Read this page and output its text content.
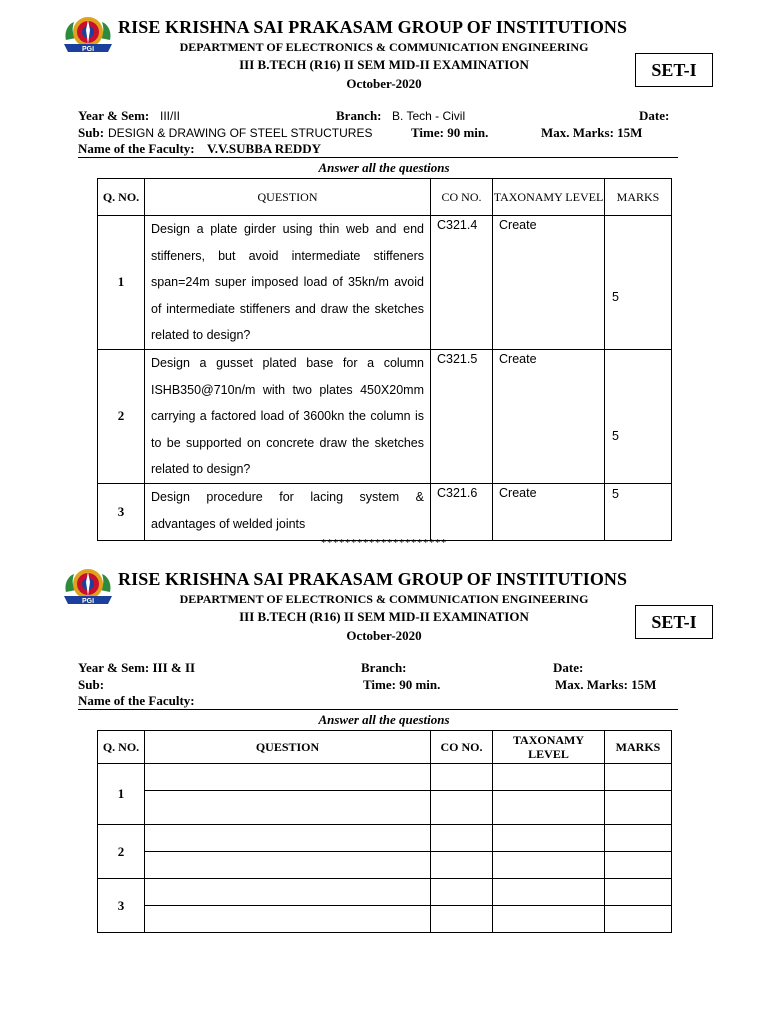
PGI
RISE KRISHNA SAI PRAKASAM GROUP OF INSTITUTIONS
DEPARTMENT OF ELECTRONICS & COMMUNICATION ENGINEERING
III B.TECH (R16) II SEM MID-II EXAMINATION
October-2020
SET-I
Year & Sem: III/II	Branch: B. Tech - Civil	Date:
Sub: DESIGN & DRAWING OF STEEL STRUCTURES	Time: 90 min.	Max. Marks: 15M
Name of the Faculty: V.V.SUBBA REDDY
Answer all the questions
Q. NO.	QUESTION	CO NO.	TAXONAMY LEVEL	MARKS
1	Design a plate girder using thin web and end stiffeners, but avoid intermediate stiffeners span=24m super imposed load of 35kn/m avoid of intermediate stiffeners and draw the sketches related to design?	C321.4	Create	5

2	Design a gusset plated base for a column ISHB350@710n/m with two plates 450X20mm carrying a factored load of 3600kn the column is to be supported on concrete draw the sketches related to design?	C321.5	Create	5

3	Design procedure for lacing system & advantages of welded joints	C321.6	Create	5
*********************
PGI
RISE KRISHNA SAI PRAKASAM GROUP OF INSTITUTIONS
DEPARTMENT OF ELECTRONICS & COMMUNICATION ENGINEERING
III B.TECH (R16) II SEM MID-II EXAMINATION
October-2020
SET-I
Year & Sem: III & II	Branch:	Date:
Sub:	Time: 90 min.	Max. Marks: 15M
Name of the Faculty:
Answer all the questions
Q. NO.	QUESTION	CO NO.	TAXONAMY LEVEL	MARKS
1				

2				

3				
